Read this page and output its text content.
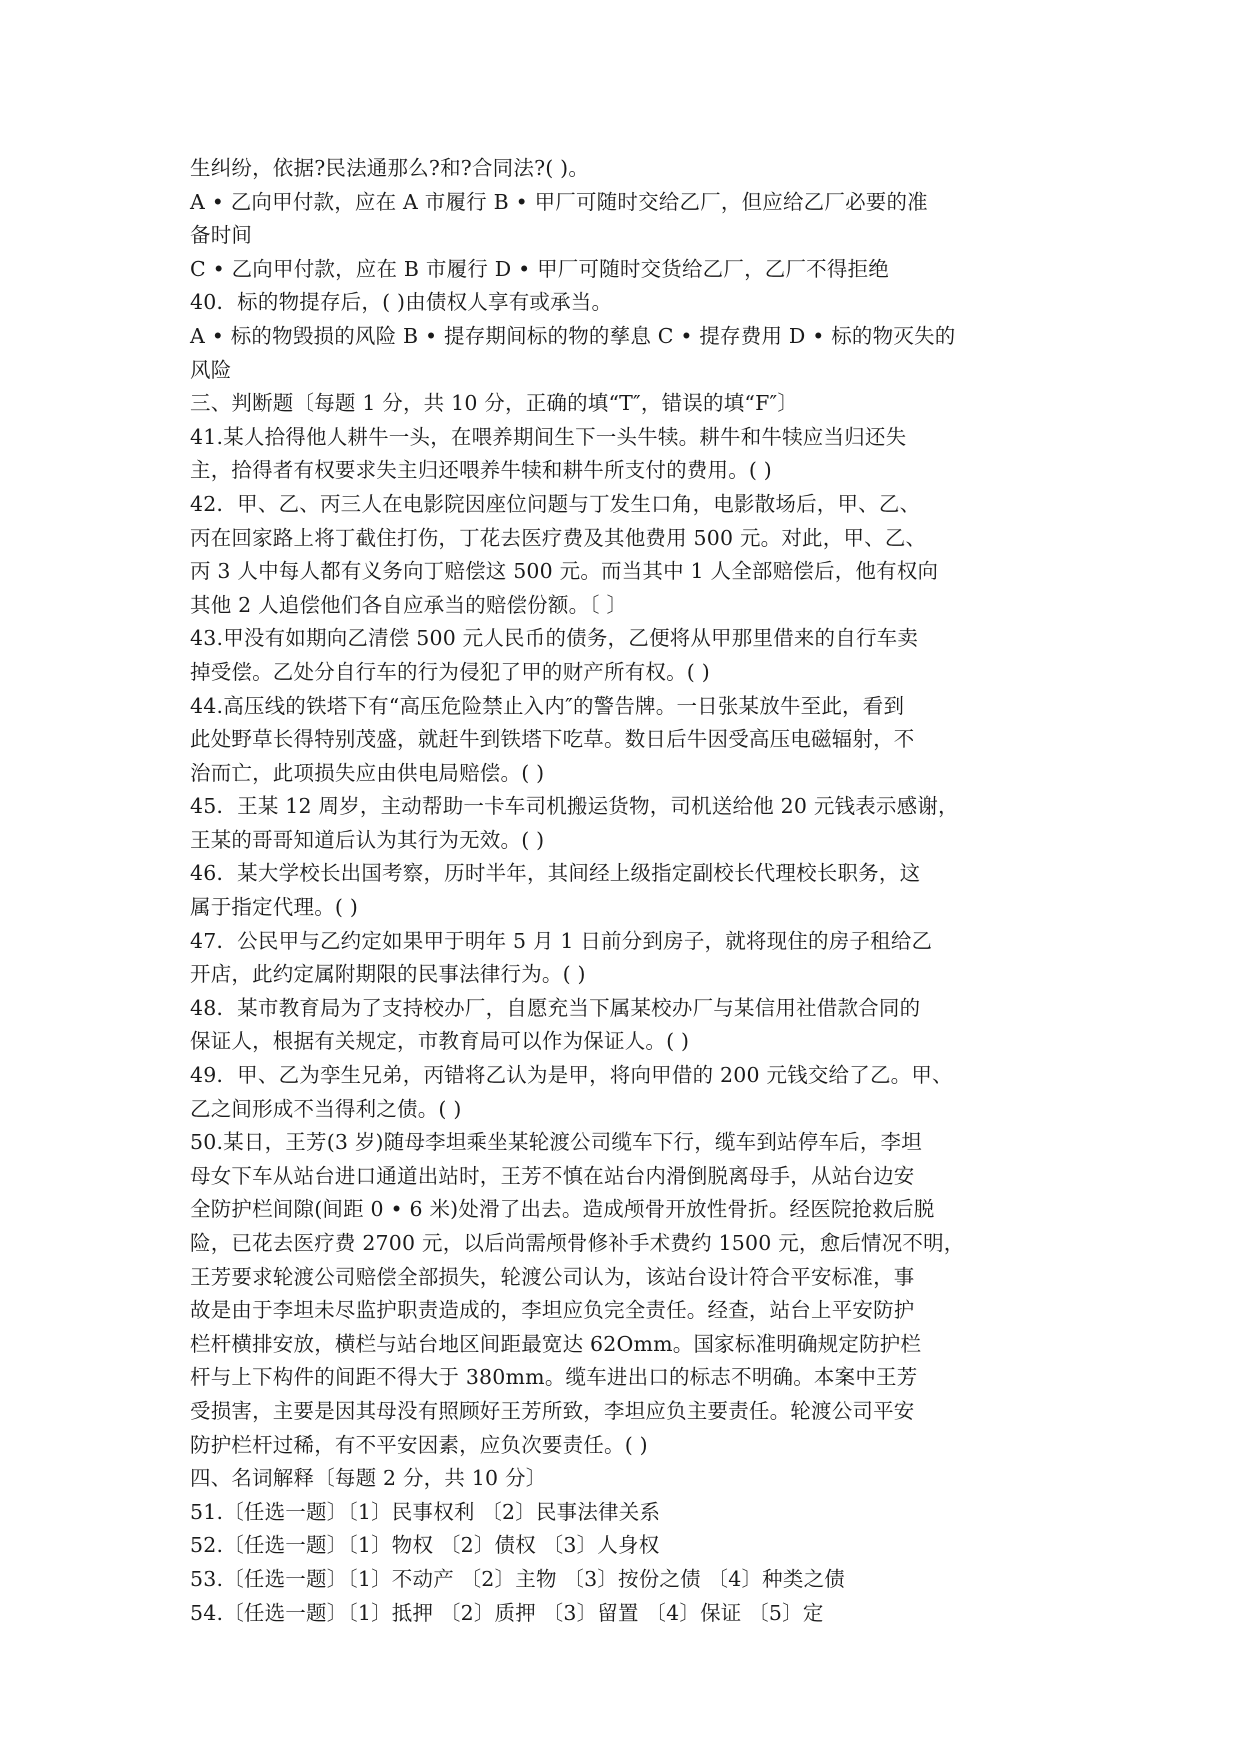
生纠纷，依据?民法通那么?和?合同法?( )。
A • 乙向甲付款，应在 A 市履行 B • 甲厂可随时交给乙厂，但应给乙厂必要的准
备时间
C • 乙向甲付款，应在 B 市履行 D • 甲厂可随时交货给乙厂，乙厂不得拒绝
40．标的物提存后，( )由债权人享有或承当。
A • 标的物毁损的风险 B • 提存期间标的物的孳息 C • 提存费用 D • 标的物灭失的
风险
三、判断题〔每题 1 分，共 10 分，正确的填“T″，错误的填“F″〕
41.某人拾得他人耕牛一头，在喂养期间生下一头牛犊。耕牛和牛犊应当归还失
主，拾得者有权要求失主归还喂养牛犊和耕牛所支付的费用。( )
42．甲、乙、丙三人在电影院因座位问题与丁发生口角，电影散场后，甲、乙、
丙在回家路上将丁截住打伤，丁花去医疗费及其他费用 500 元。对此，甲、乙、
丙 3 人中每人都有义务向丁赔偿这 500 元。而当其中 1 人全部赔偿后，他有权向
其他 2 人追偿他们各自应承当的赔偿份额。〔 〕
43.甲没有如期向乙清偿 500 元人民币的债务，乙便将从甲那里借来的自行车卖
掉受偿。乙处分自行车的行为侵犯了甲的财产所有权。( )
44.高压线的铁塔下有“高压危险禁止入内″的警告牌。一日张某放牛至此，看到
此处野草长得特别茂盛，就赶牛到铁塔下吃草。数日后牛因受高压电磁辐射，不
治而亡，此项损失应由供电局赔偿。( )
45．王某 12 周岁，主动帮助一卡车司机搬运货物，司机送给他 20 元钱表示感谢，
王某的哥哥知道后认为其行为无效。( )
46．某大学校长出国考察，历时半年，其间经上级指定副校长代理校长职务，这
属于指定代理。( )
47．公民甲与乙约定如果甲于明年 5 月 1 日前分到房子，就将现住的房子租给乙
开店，此约定属附期限的民事法律行为。( )
48．某市教育局为了支持校办厂，自愿充当下属某校办厂与某信用社借款合同的
保证人，根据有关规定，市教育局可以作为保证人。( )
49．甲、乙为孪生兄弟，丙错将乙认为是甲，将向甲借的 200 元钱交给了乙。甲、
乙之间形成不当得利之债。( )
50.某日，王芳(3 岁)随母李坦乘坐某轮渡公司缆车下行，缆车到站停车后，李坦
母女下车从站台进口通道出站时，王芳不慎在站台内滑倒脱离母手，从站台边安
全防护栏间隙(间距 0 • 6 米)处滑了出去。造成颅骨开放性骨折。经医院抢救后脱
险，已花去医疗费 2700 元，以后尚需颅骨修补手术费约 1500 元，愈后情况不明，
王芳要求轮渡公司赔偿全部损失，轮渡公司认为，该站台设计符合平安标准，事
故是由于李坦未尽监护职责造成的，李坦应负完全责任。经查，站台上平安防护
栏杆横排安放，横栏与站台地区间距最宽达 62Omm。国家标准明确规定防护栏
杆与上下构件的间距不得大于 380mm。缆车进出口的标志不明确。本案中王芳
受损害，主要是因其母没有照顾好王芳所致，李坦应负主要责任。轮渡公司平安
防护栏杆过稀，有不平安因素，应负次要责任。( )
四、名词解释〔每题 2 分，共 10 分〕
51.〔任选一题〕〔1〕民事权利 〔2〕民事法律关系
52.〔任选一题〕〔1〕物权 〔2〕债权 〔3〕人身权
53.〔任选一题〕〔1〕不动产 〔2〕主物 〔3〕按份之债 〔4〕种类之债
54.〔任选一题〕〔1〕抵押 〔2〕质押 〔3〕留置 〔4〕保证 〔5〕定
